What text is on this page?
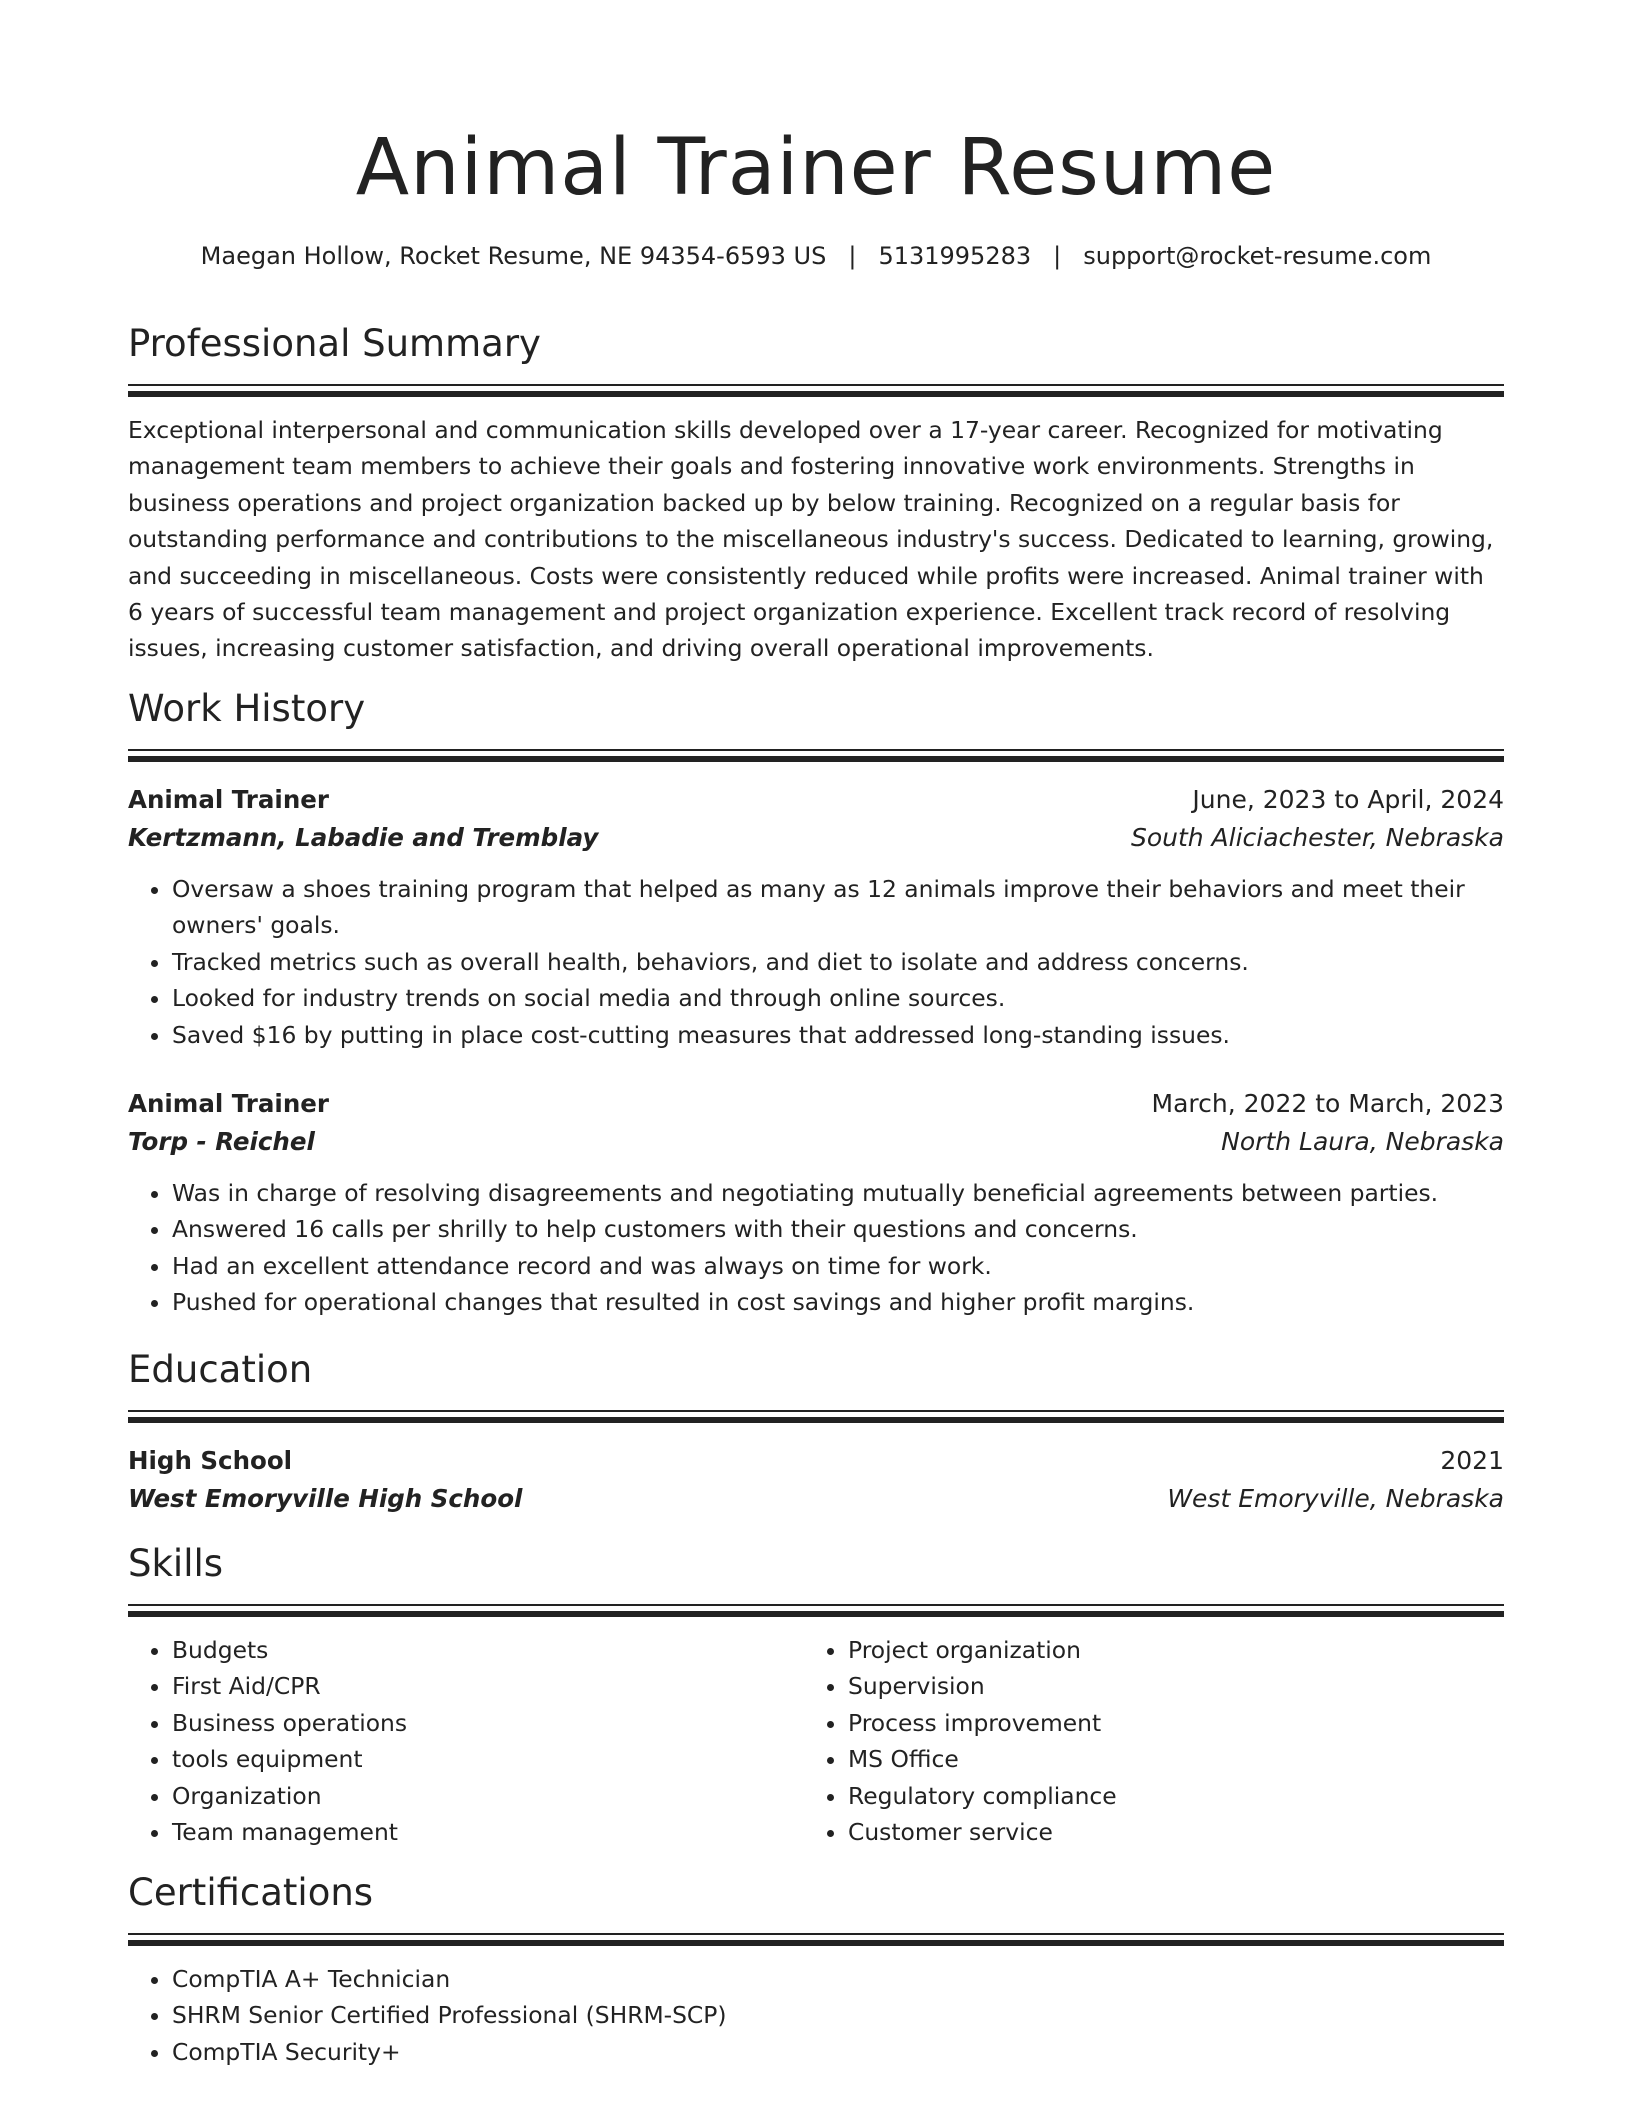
Animal Trainer Resume
Maegan Hollow, Rocket Resume, NE 94354-6593 US | 5131995283 | support@rocket-resume.com
Professional Summary
Exceptional interpersonal and communication skills developed over a 17-year career. Recognized for motivating management team members to achieve their goals and fostering innovative work environments. Strengths in business operations and project organization backed up by below training. Recognized on a regular basis for outstanding performance and contributions to the miscellaneous industry's success. Dedicated to learning, growing, and succeeding in miscellaneous. Costs were consistently reduced while profits were increased. Animal trainer with 6 years of successful team management and project organization experience. Excellent track record of resolving issues, increasing customer satisfaction, and driving overall operational improvements.
Work History
Animal Trainer	June, 2023 to April, 2024
Kertzmann, Labadie and Tremblay	South Aliciachester, Nebraska
• Oversaw a shoes training program that helped as many as 12 animals improve their behaviors and meet their owners' goals.
• Tracked metrics such as overall health, behaviors, and diet to isolate and address concerns.
• Looked for industry trends on social media and through online sources.
• Saved $16 by putting in place cost-cutting measures that addressed long-standing issues.
Animal Trainer	March, 2022 to March, 2023
Torp - Reichel	North Laura, Nebraska
• Was in charge of resolving disagreements and negotiating mutually beneficial agreements between parties.
• Answered 16 calls per shrilly to help customers with their questions and concerns.
• Had an excellent attendance record and was always on time for work.
• Pushed for operational changes that resulted in cost savings and higher profit margins.
Education
High School	2021
West Emoryville High School	West Emoryville, Nebraska
Skills
• Budgets
• First Aid/CPR
• Business operations
• tools equipment
• Organization
• Team management
• Project organization
• Supervision
• Process improvement
• MS Office
• Regulatory compliance
• Customer service
Certifications
• CompTIA A+ Technician
• SHRM Senior Certified Professional (SHRM-SCP)
• CompTIA Security+
